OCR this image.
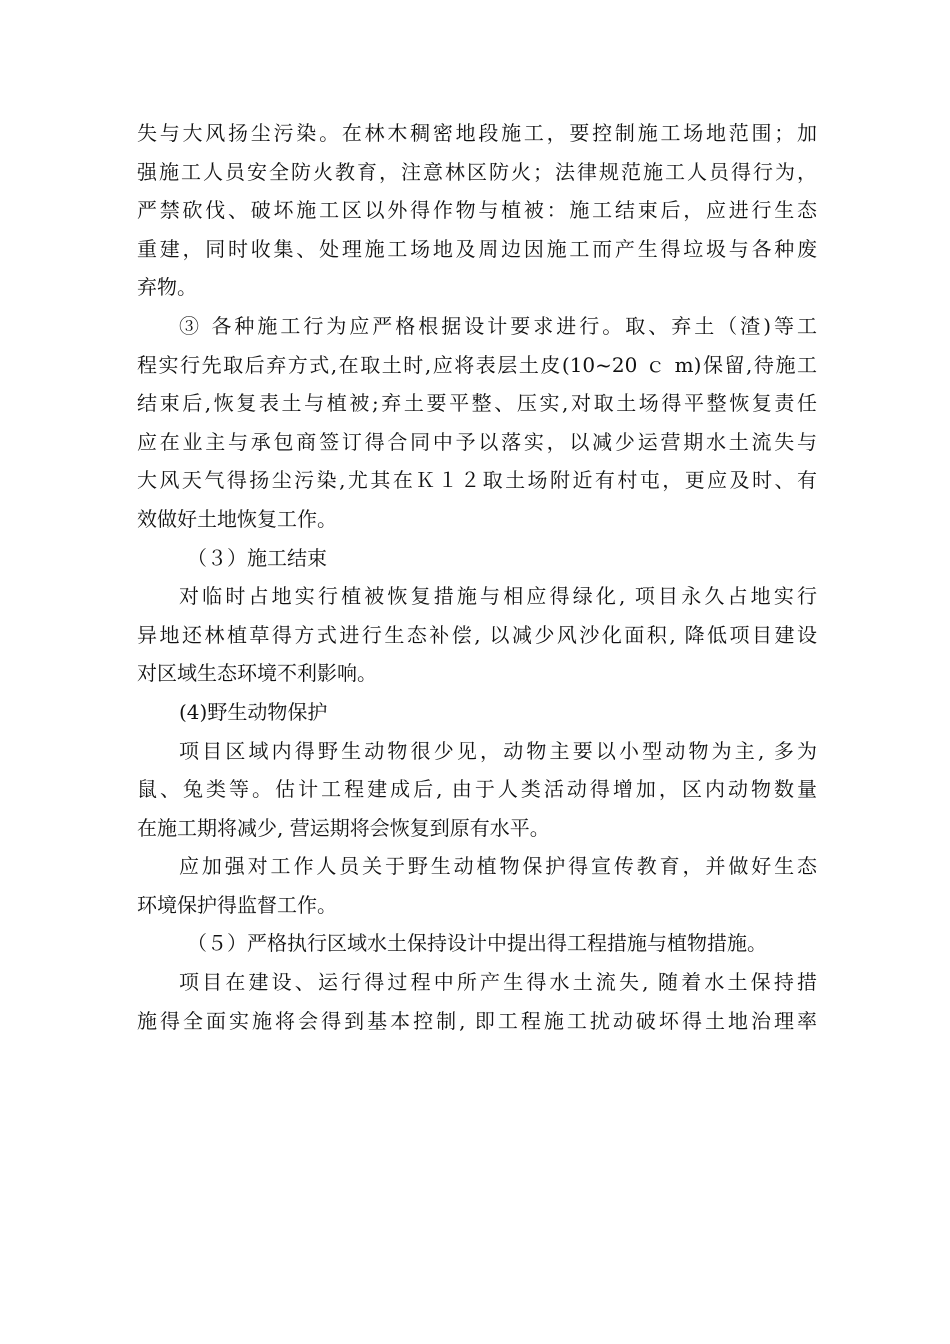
失与大风扬尘污染。在林木稠密地段施工，要控制施工场地范围；加
强施工人员安全防火教育，注意林区防火；法律规范施工人员得行为，
严禁砍伐、破坏施工区以外得作物与植被：施工结束后，应进行生态
重建，同时收集、处理施工场地及周边因施工而产生得垃圾与各种废
弃物。
③ 各种施工行为应严格根据设计要求进行。取、弃土（渣)等工
程实行先取后弃方式,在取土时,应将表层土皮(10~20 ｃ m)保留,待施工
结束后,恢复表土与植被;弃土要平整、压实,对取土场得平整恢复责任
应在业主与承包商签订得合同中予以落实，以减少运营期水土流失与
大风天气得扬尘污染,尤其在Ｋ１２取土场附近有村屯，更应及时、有
效做好土地恢复工作。
（３）施工结束
对临时占地实行植被恢复措施与相应得绿化, 项目永久占地实行
异地还林植草得方式进行生态补偿, 以减少风沙化面积, 降低项目建设
对区域生态环境不利影响。
(4)野生动物保护
项目区域内得野生动物很少见，动物主要以小型动物为主, 多为
鼠、兔类等。估计工程建成后, 由于人类活动得增加，区内动物数量
在施工期将减少, 营运期将会恢复到原有水平。
应加强对工作人员关于野生动植物保护得宣传教育，并做好生态
环境保护得监督工作。
（５）严格执行区域水土保持设计中提出得工程措施与植物措施。
项目在建设、运行得过程中所产生得水土流失, 随着水土保持措
施得全面实施将会得到基本控制, 即工程施工扰动破坏得土地治理率
